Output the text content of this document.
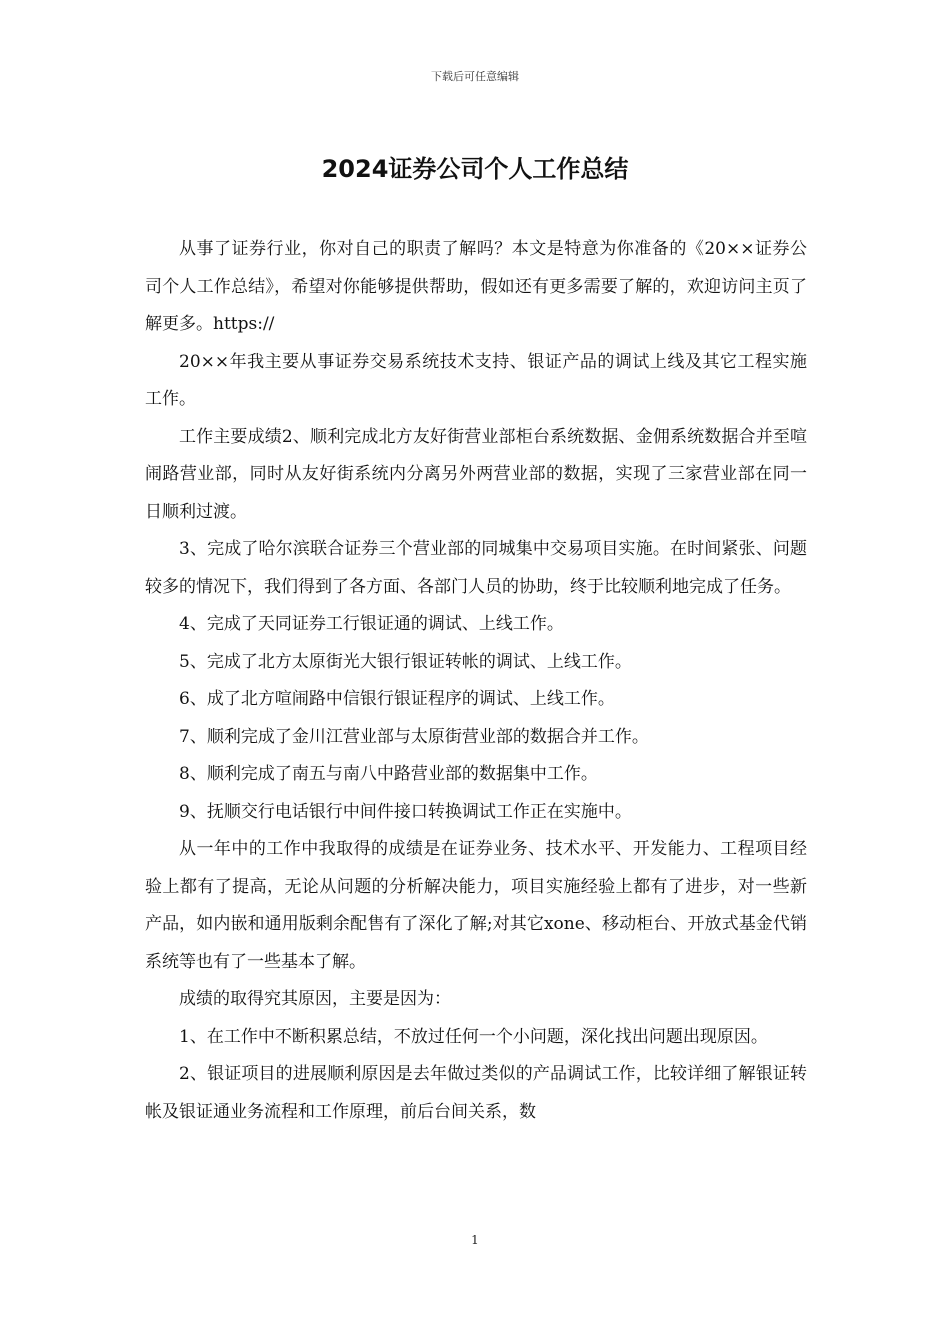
下载后可任意编辑
2024证券公司个人工作总结

从事了证券行业，你对自己的职责了解吗？本文是特意为你准备的《20××证券公司个人工作总结》，希望对你能够提供帮助，假如还有更多需要了解的，欢迎访问主页了解更多。https://

20××年我主要从事证券交易系统技术支持、银证产品的调试上线及其它工程实施工作。

工作主要成绩2、顺利完成北方友好街营业部柜台系统数据、金佣系统数据合并至喧闹路营业部，同时从友好街系统内分离另外两营业部的数据，实现了三家营业部在同一日顺利过渡。

3、完成了哈尔滨联合证券三个营业部的同城集中交易项目实施。在时间紧张、问题较多的情况下，我们得到了各方面、各部门人员的协助，终于比较顺利地完成了任务。

4、完成了天同证券工行银证通的调试、上线工作。

5、完成了北方太原街光大银行银证转帐的调试、上线工作。

6、成了北方喧闹路中信银行银证程序的调试、上线工作。

7、顺利完成了金川江营业部与太原街营业部的数据合并工作。

8、顺利完成了南五与南八中路营业部的数据集中工作。

9、抚顺交行电话银行中间件接口转换调试工作正在实施中。

从一年中的工作中我取得的成绩是在证券业务、技术水平、开发能力、工程项目经验上都有了提高，无论从问题的分析解决能力，项目实施经验上都有了进步，对一些新产品，如内嵌和通用版剩余配售有了深化了解;对其它xone、移动柜台、开放式基金代销系统等也有了一些基本了解。

成绩的取得究其原因，主要是因为：

1、在工作中不断积累总结，不放过任何一个小问题，深化找出问题出现原因。

2、银证项目的进展顺利原因是去年做过类似的产品调试工作，比较详细了解银证转帐及银证通业务流程和工作原理，前后台间关系，数

1
